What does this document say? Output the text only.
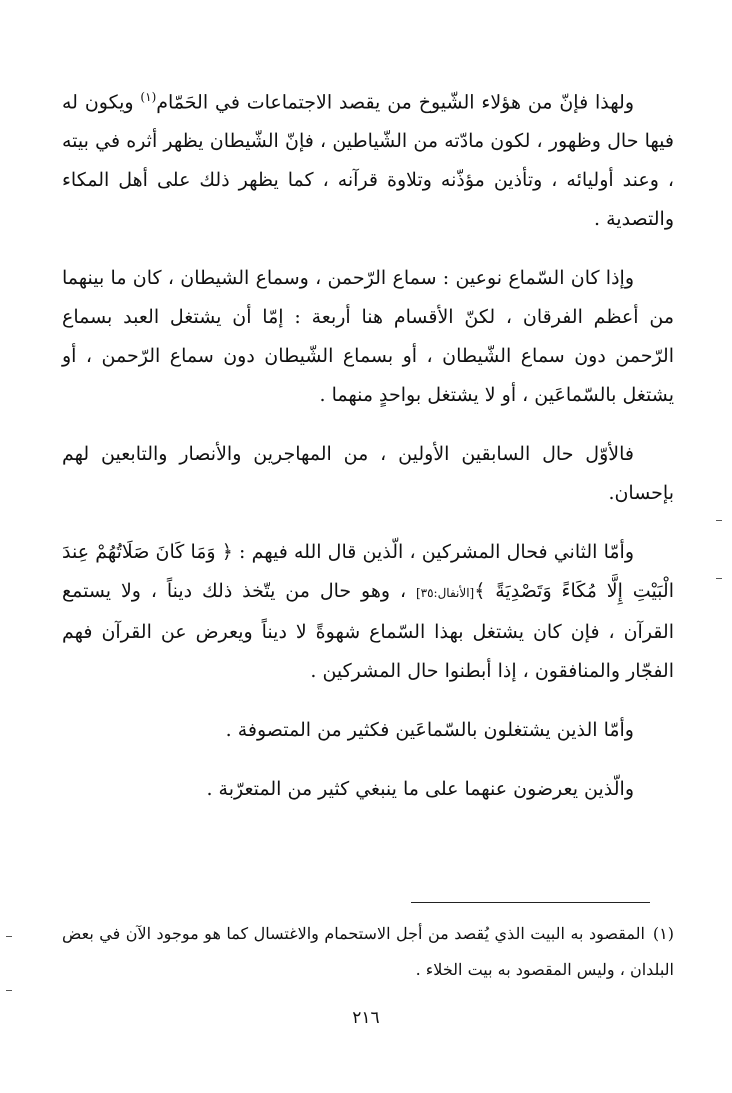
ولهذا فإنّ من هؤلاء الشّيوخ من يقصد الاجتماعات في الحَمّام$^{(١)}$ ويكون له فيها حال وظهور ، لكون مادّته من الشّياطين ، فإنّ الشّيطان يظهر أثره في بيته ، وعند أوليائه ، وتأذين مؤذّنه وتلاوة قرآنه ، كما يظهر ذلك على أهل المكاء والتصدية .

وإذا كان السّماع نوعين : سماع الرّحمن ، وسماع الشيطان ، كان ما بينهما من أعظم الفرقان ، لكنّ الأقسام هنا أربعة : إمّا أن يشتغل العبد بسماع الرّحمن دون سماع الشّيطان ، أو بسماع الشّيطان دون سماع الرّحمن ، أو يشتغل بالسّماعَين ، أو لا يشتغل بواحدٍ منهما .

فالأوّل حال السابقين الأولين ، من المهاجرين والأنصار والتابعين لهم بإحسان.

وأمّا الثاني فحال المشركين ، الّذين قال الله فيهم : ﴿ وَمَا كَانَ صَلَاتُهُمْ عِندَ الْبَيْتِ إِلَّا مُكَاءً وَتَصْدِيَةً ﴾[الأنفال:٣٥] ، وهو حال من يتّخذ ذلك ديناً ، ولا يستمع القرآن ، فإن كان يشتغل بهذا السّماع شهوةً لا ديناً ويعرض عن القرآن فهم الفجّار والمنافقون ، إذا أبطنوا حال المشركين .

وأمّا الذين يشتغلون بالسّماعَين فكثير من المتصوفة .

والّذين يعرضون عنهما على ما ينبغي كثير من المتعرّبة .

(١)المقصود به البيت الذي يُقصد من أجل الاستحمام والاغتسال كما هو موجود الآن في بعض البلدان ، وليس المقصود به بيت الخلاء .
٢١٦
